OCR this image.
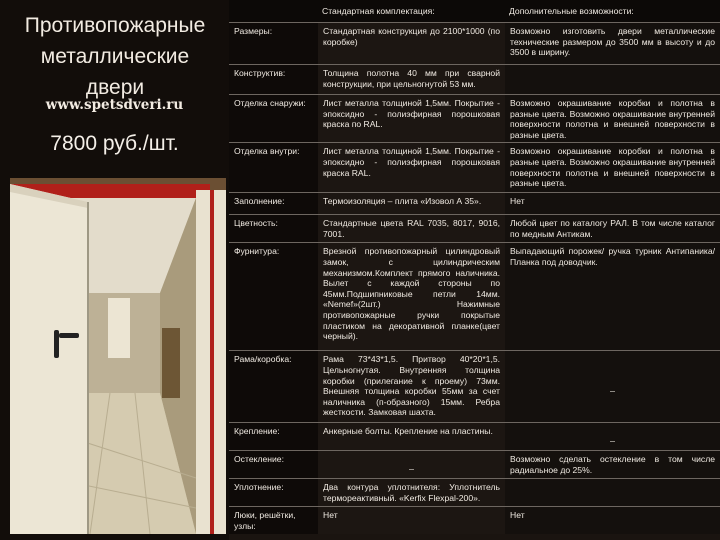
Противопожарные
металлические
двери
www.spetsdveri.ru
7800 руб./шт.
	Стандартная комплектация:	Дополнительные возможности:
Размеры:	Стандартная конструкция до 2100*1000 (по коробке)	Возможно изготовить двери металлические технические размером до 3500 мм в высоту и до 3500 в ширину.
Конструктив:	Толщина полотна 40 мм при сварной конструкции, при цельногнутой 53 мм.	
Отделка снаружи:	Лист металла толщиной 1,5мм. Покрытие - эпоксидно - полиэфирная порошковая краска по RAL.	Возможно окрашивание коробки и полотна в разные цвета. Возможно окрашивание внутренней поверхности полотна и внешней поверхности в разные цвета.
Отделка внутри:	Лист металла толщиной 1,5мм. Покрытие - эпоксидно - полиэфирная порошковая краска RAL.	Возможно окрашивание коробки и полотна в разные цвета. Возможно окрашивание внутренней поверхности полотна и внешней поверхности в разные цвета.
Заполнение:	Термоизоляция – плита «Изовол А 35».	Нет
Цветность:	Стандартные цвета RAL 7035, 8017, 9016, 7001.	Любой цвет по каталогу РАЛ. В том числе каталог по медным Антикам.
Фурнитура:	Врезной противопожарный цилиндровый замок, с цилиндрическим механизмом.Комплект прямого наличника. Вылет с каждой стороны по 45мм.Подшипниковые петли 14мм. «Nemef»(2шт.) Нажимные противопожарные ручки покрытые пластиком на декоративной планке(цвет черный).	Выпадающий порожек/ ручка турник Антипаника/ Планка под доводчик.
Рама/коробка:	Рама 73*43*1,5. Притвор 40*20*1,5. Цельногнутая. Внутренняя толщина коробки (прилегание к проему) 73мм. Внешняя толщина коробки 55мм за счет наличника (п-образного) 15мм. Ребра жесткости. Замковая шахта.	_
Крепление:	Анкерные болты. Крепление на пластины.	_
Остекление:	_	Возможно сделать остекление в том числе радиальное до 25%.
Уплотнение:	Два контура уплотнителя: Уплотнитель термореактивный. «Kerfix Flexpal-200».	
Люки, решётки, узлы:	Нет	Нет
